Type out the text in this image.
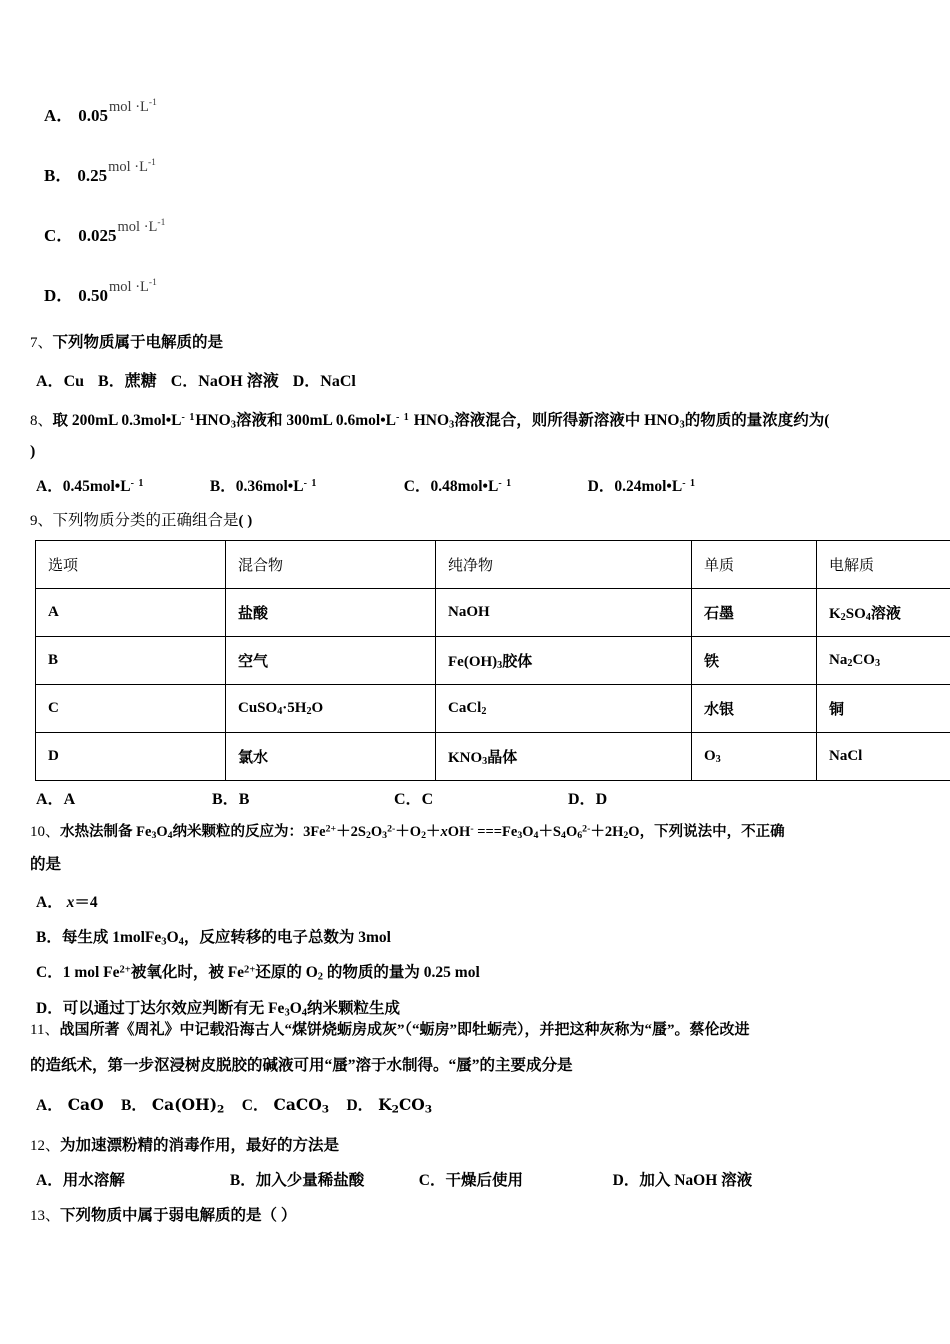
A． $0.05mol \cdot L^{-1}$
B． $0.25mol \cdot L^{-1}$
C． $0.025mol \cdot L^{-1}$
D． $0.50mol \cdot L^{-1}$
7、下列物质属于电解质的是
A．Cu B．蔗糖 C．NaOH 溶液 D．NaCl
8、取 200mL $0.3mol•L^{- 1}HNO_3$溶液和 300mL $0.6mol•L^{- 1}$ $HNO_3$溶液混合，则所得新溶液中 $HNO_3$的物质的量浓度约为(
)
A．$0.45mol•L^{- 1}$	B．$0.36mol•L^{- 1}$	C．$0.48mol•L^{- 1}$	D．$0.24mol•L^{- 1}$
9、下列物质分类的正确组合是( )
选项	混合物	纯净物	单质	电解质
A	盐酸	NaOH	石墨	$K_2SO_4$溶液
B	空气	$Fe(OH)_3$胶体	铁	$Na_2CO_3$
C	$CuSO_4\cdot 5H_2O$	CaCl$_2$	水银	铜
D	氯水	$KNO_3$晶体	$O_3$	NaCl
A．A	B．B	C．C	D．D
10、水热法制备 $Fe_3O_4$纳米颗粒的反应为：$3Fe^{2+}+2S_2O_3^{2-}+O_2+xOH^- ===Fe_3O_4+S_4O_6^{2-}+2H_2O$，下列说法中，不正确
的是
A． x＝4
B．每生成 $1molFe_3O_4$，反应转移的电子总数为 3mol
C．1 mol $Fe^{2+}$被氧化时，被 $Fe^{2+}$还原的 $O_2$ 的物质的量为 0.25 mol
D．可以通过丁达尔效应判断有无 $Fe_3O_4$纳米颗粒生成
11、战国所著《周礼》中记载沿海古人“煤饼烧蛎房成灰”（“蛎房”即牡蛎壳），并把这种灰称为“蜃”。蔡伦改进
的造纸术，第一步沤浸树皮脱胶的碱液可用“蜃”溶于水制得。“蜃”的主要成分是
A． CaO B． $Ca(OH)_2$ C． CaCO$_3$ D． $K_2CO_3$
12、为加速漂粉精的消毒作用，最好的方法是
A．用水溶解	B．加入少量稀盐酸	C．干燥后使用	D．加入 NaOH 溶液
13、下列物质中属于弱电解质的是（ ）
